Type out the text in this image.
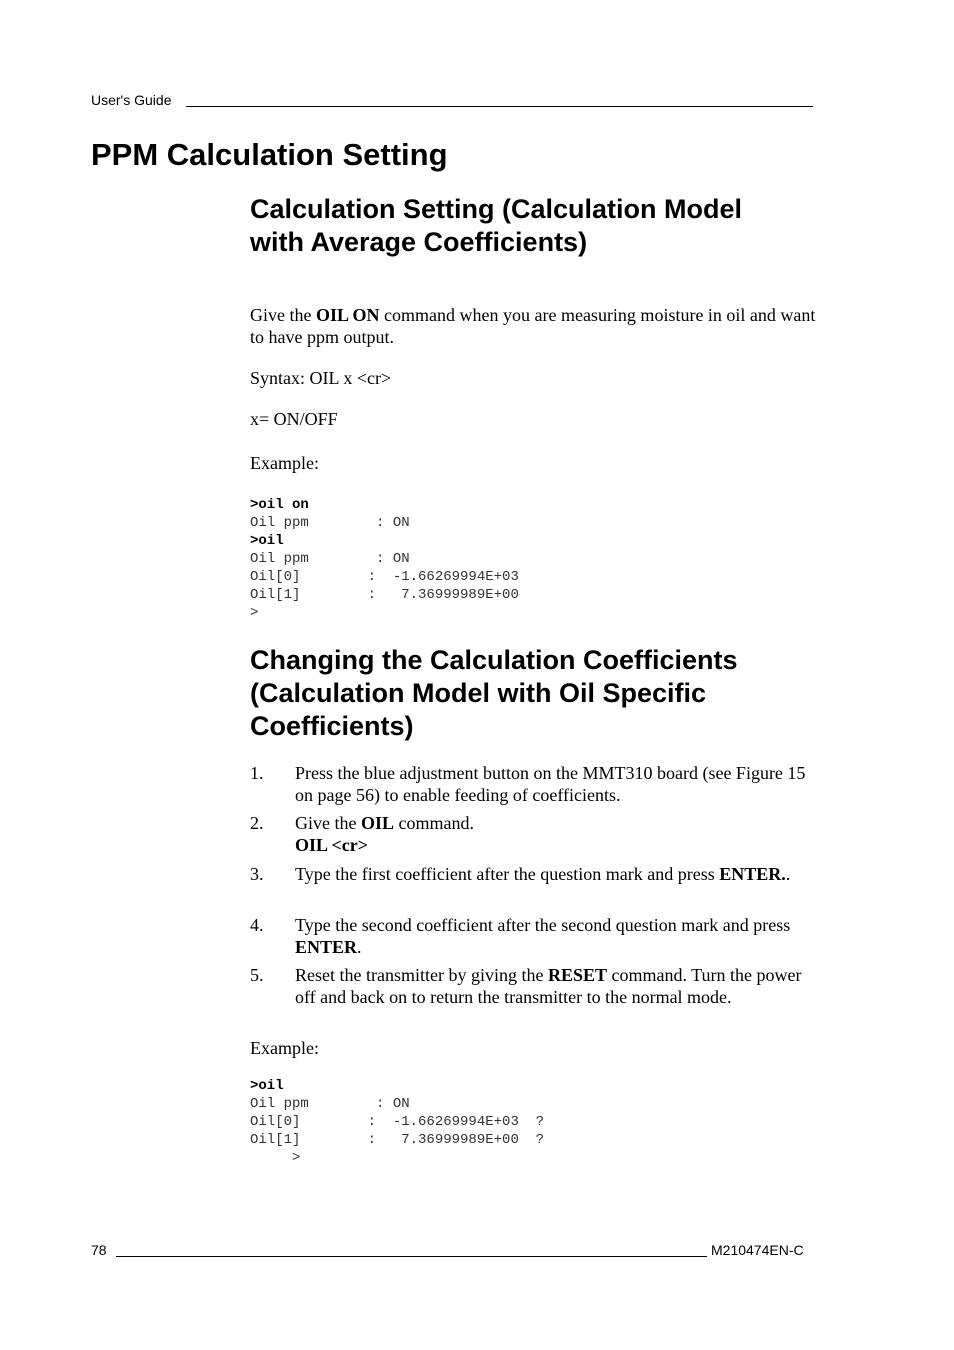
User's Guide
PPM Calculation Setting
Calculation Setting (Calculation Model
with Average Coefficients)
Give the OIL ON command when you are measuring moisture in oil and want to have ppm output.
Syntax: OIL x <cr>
x= ON/OFF
Example:
>oil on
Oil ppm        : ON
>oil
Oil ppm        : ON
Oil[0]        :  -1.66269994E+03
Oil[1]        :   7.36999989E+00
>
Changing the Calculation Coefficients
(Calculation Model with Oil Specific
Coefficients)
1. Press the blue adjustment button on the MMT310 board (see Figure 15 on page 56) to enable feeding of coefficients.
2. Give the OIL command.
OIL <cr>
3. Type the first coefficient after the question mark and press ENTER..
4. Type the second coefficient after the second question mark and press ENTER.
5. Reset the transmitter by giving the RESET command. Turn the power off and back on to return the transmitter to the normal mode.
Example:
>oil
Oil ppm        : ON
Oil[0]        :  -1.66269994E+03  ?
Oil[1]        :   7.36999989E+00  ?
>
78	M210474EN-C
